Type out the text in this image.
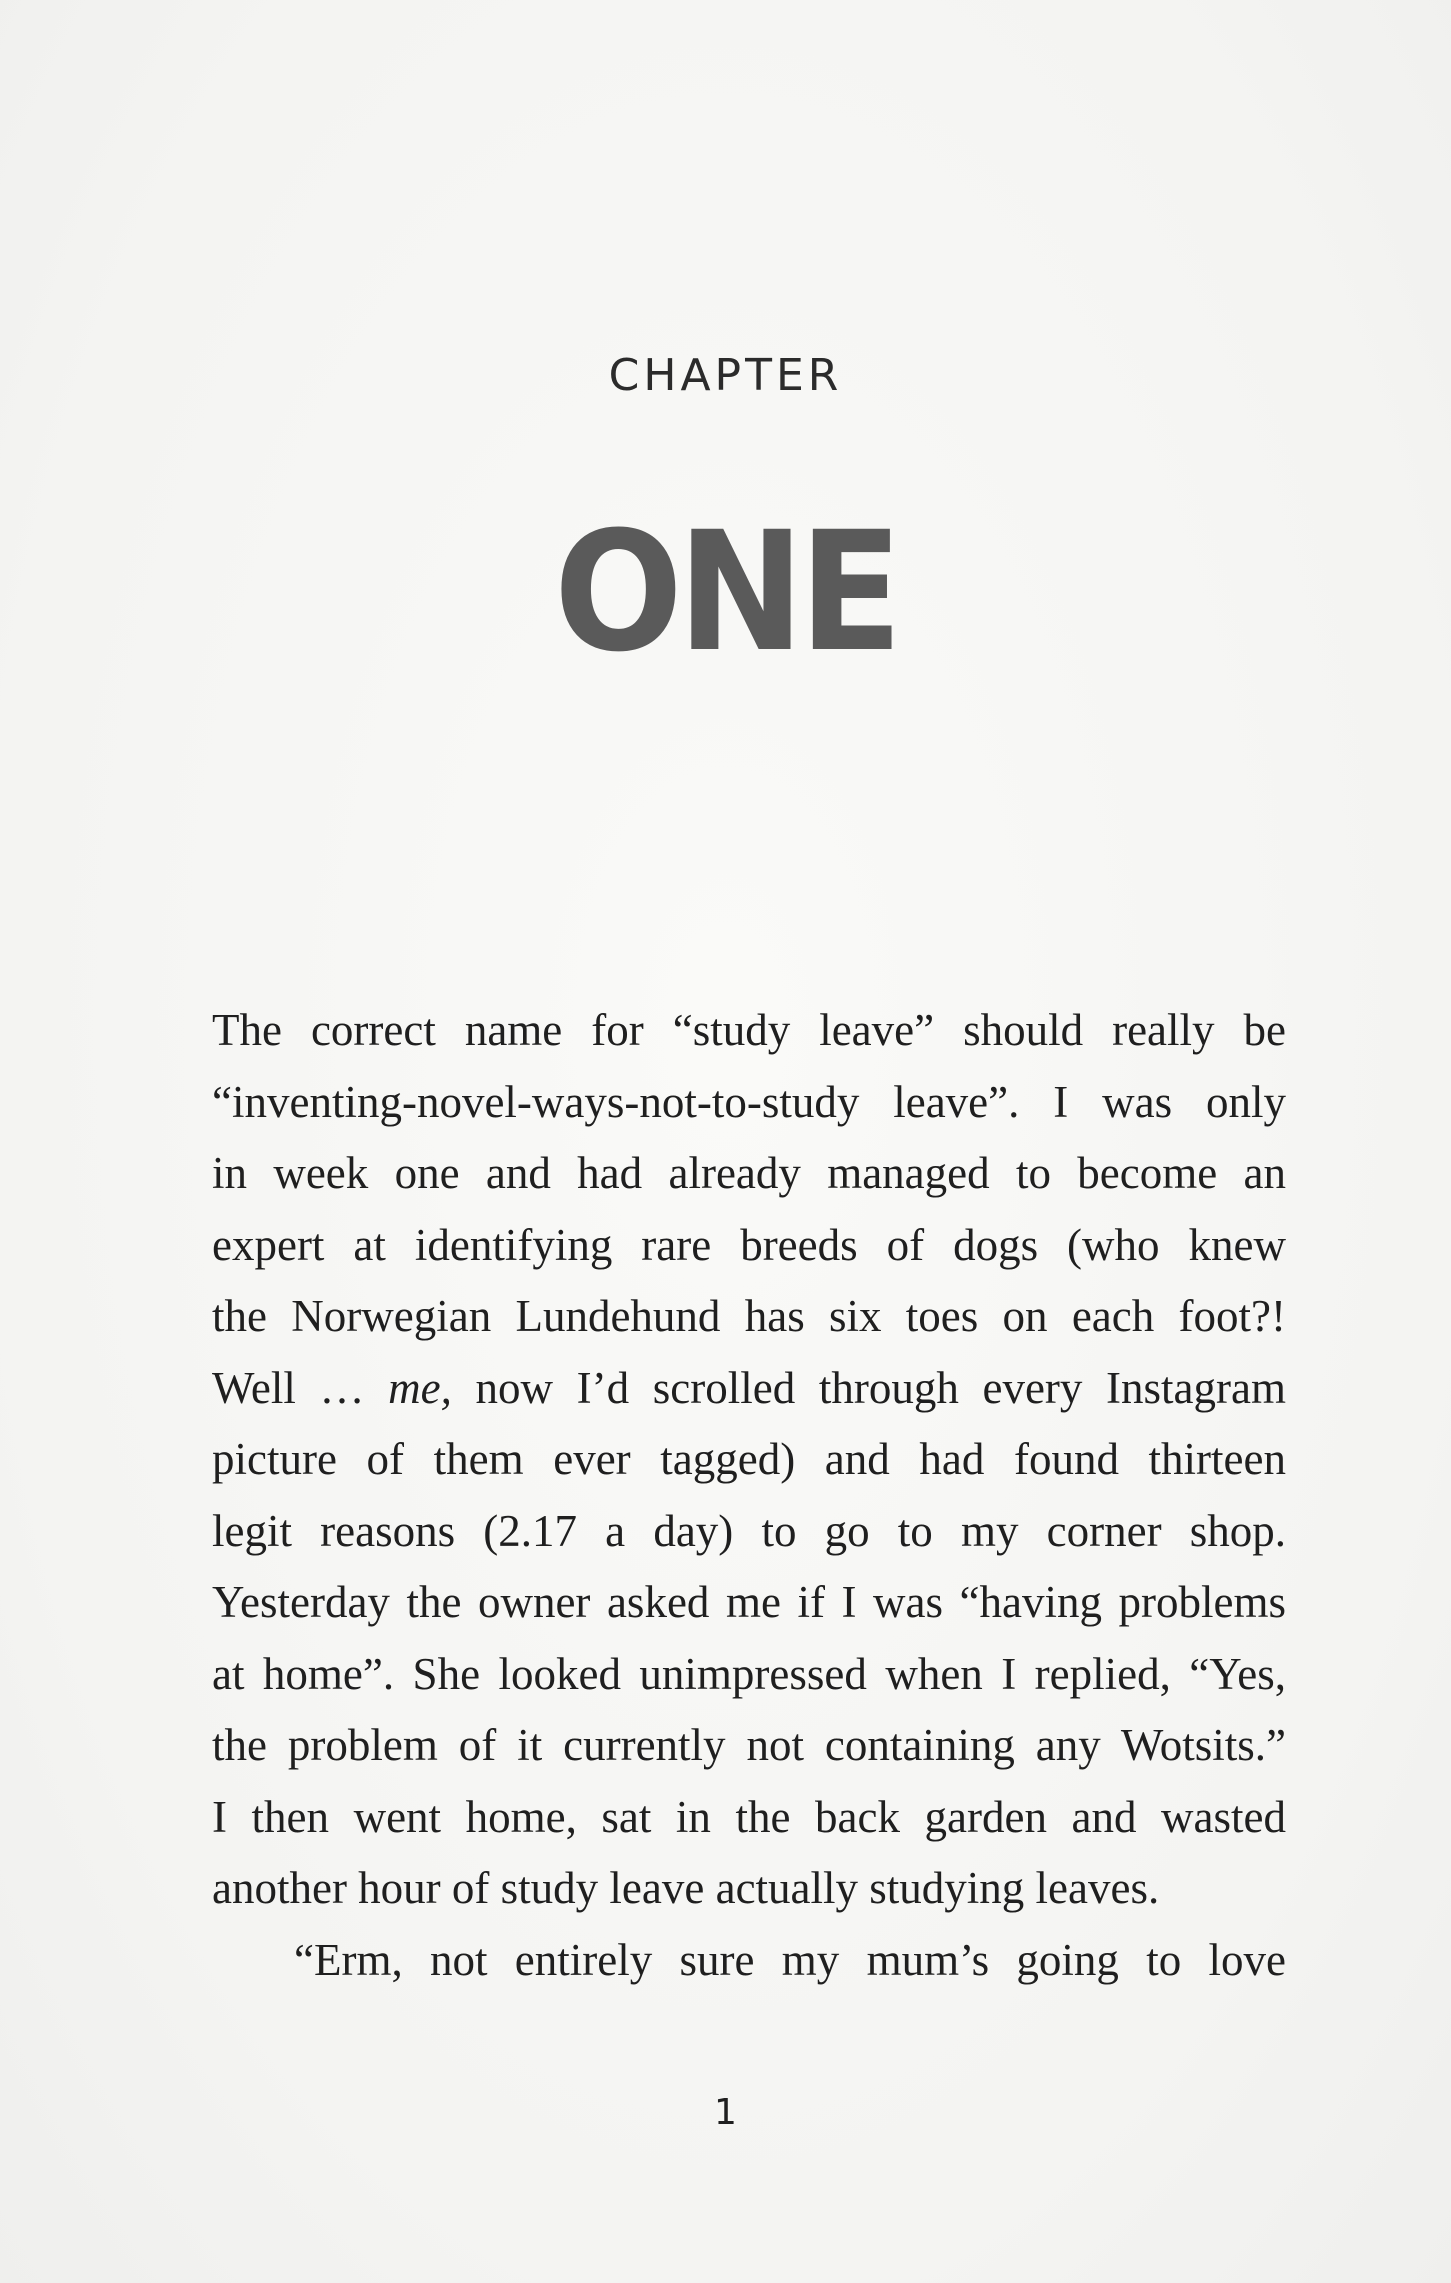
CHAPTER
ONE

The correct name for “study leave” should really be
“inventing-novel-ways-not-to-study leave”. I was only
in week one and had already managed to become an
expert at identifying rare breeds of dogs (who knew
the Norwegian Lundehund has six toes on each foot?!
Well … me, now I’d scrolled through every Instagram
picture of them ever tagged) and had found thirteen
legit reasons (2.17 a day) to go to my corner shop.
Yesterday the owner asked me if I was “having problems
at home”. She looked unimpressed when I replied, “Yes,
the problem of it currently not containing any Wotsits.”
I then went home, sat in the back garden and wasted
another hour of study leave actually studying leaves.

“Erm, not entirely sure my mum’s going to love

1
